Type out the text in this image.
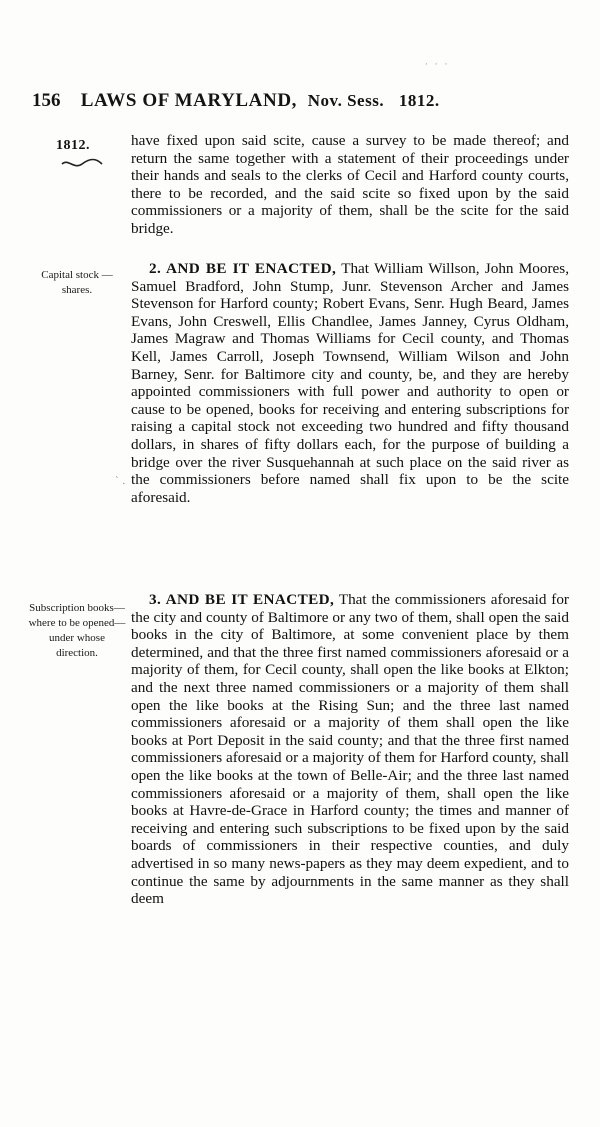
· · ·
156 LAWS OF MARYLAND, Nov. Sess. 1812.
1812.
Capital stock —shares.
Subscription books—where to be opened— under whose direction.
` .

have fixed upon said scite, cause a survey to be made thereof; and return the same together with a statement of their proceedings under their hands and seals to the clerks of Cecil and Harford county courts, there to be recorded, and the said scite so fixed upon by the said commissioners or a majority of them, shall be the scite for the said bridge.

2. AND BE IT ENACTED, That William Willson, John Moores, Samuel Bradford, John Stump, Junr. Stevenson Archer and James Stevenson for Harford county; Robert Evans, Senr. Hugh Beard, James Evans, John Creswell, Ellis Chandlee, James Janney, Cyrus Oldham, James Magraw and Thomas Williams for Cecil county, and Thomas Kell, James Carroll, Joseph Townsend, William Wilson and John Barney, Senr. for Baltimore city and county, be, and they are hereby appointed commissioners with full power and authority to open or cause to be opened, books for receiving and entering subscriptions for raising a capital stock not exceeding two hundred and fifty thousand dollars, in shares of fifty dollars each, for the purpose of building a bridge over the river Susquehannah at such place on the said river as the commissioners before named shall fix upon to be the scite aforesaid.

3. AND BE IT ENACTED, That the commissioners aforesaid for the city and county of Baltimore or any two of them, shall open the said books in the city of Baltimore, at some convenient place by them determined, and that the three first named commissioners aforesaid or a majority of them, for Cecil county, shall open the like books at Elkton; and the next three named commissioners or a majority of them shall open the like books at the Rising Sun; and the three last named commissioners aforesaid or a majority of them shall open the like books at Port Deposit in the said county; and that the three first named commissioners aforesaid or a majority of them for Harford county, shall open the like books at the town of Belle-Air; and the three last named commissioners aforesaid or a majority of them, shall open the like books at Havre-de-Grace in Harford county; the times and manner of receiving and entering such subscriptions to be fixed upon by the said boards of commissioners in their respective counties, and duly advertised in so many news-papers as they may deem expedient, and to continue the same by adjournments in the same manner as they shall deem
